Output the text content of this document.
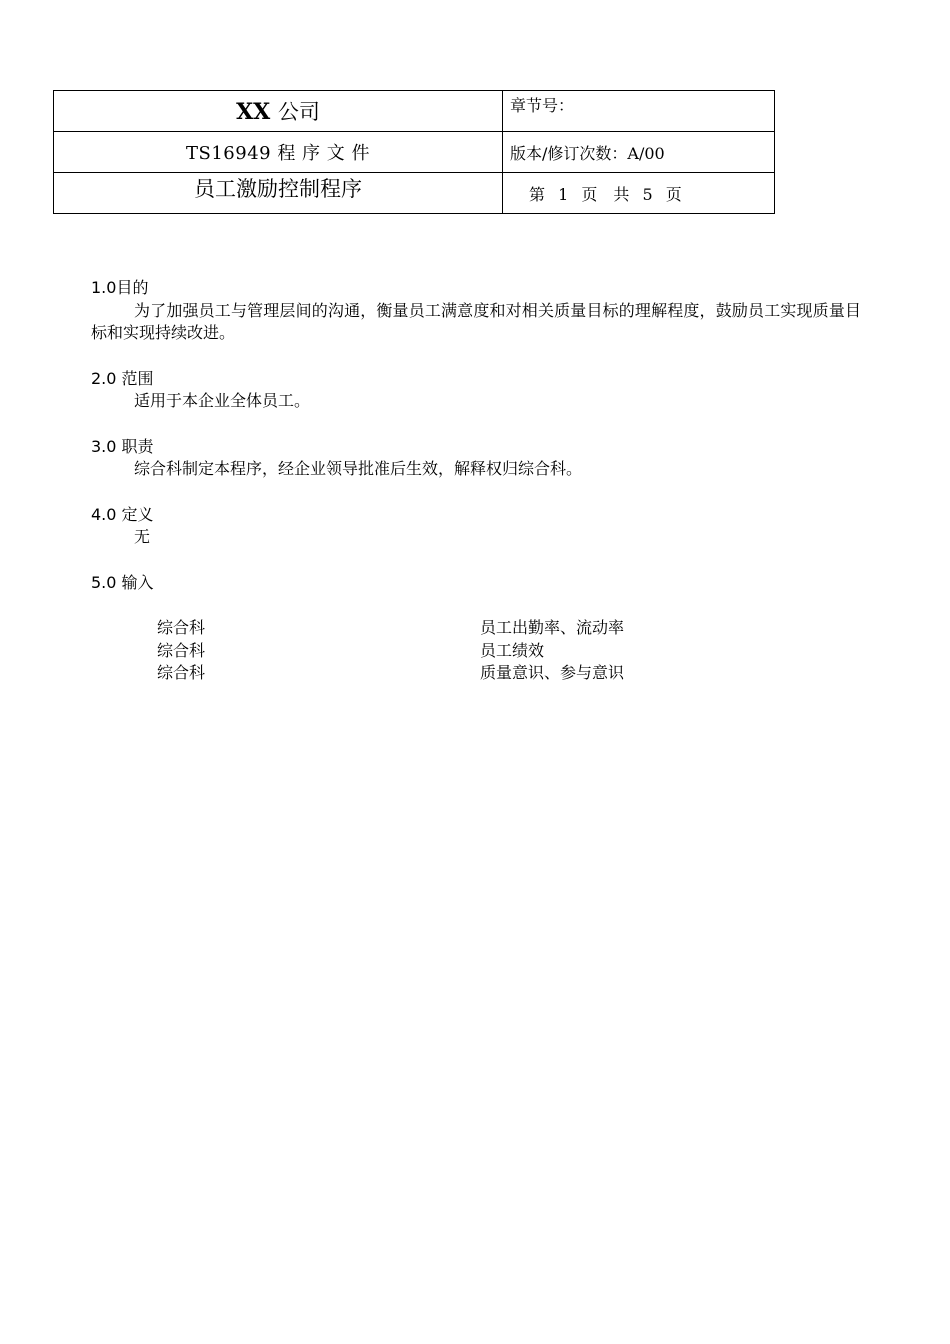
XX 公司	章节号：
TS16949 程 序 文 件	版本/修订次数：A/00
员工激励控制程序	第 1 页　共 5 页

1.0目的

为了加强员工与管理层间的沟通，衡量员工满意度和对相关质量目标的理解程度，鼓励员工实现质量目标和实现持续改进。

2.0 范围

适用于本企业全体员工。

3.0 职责

综合科制定本程序，经企业领导批准后生效，解释权归综合科。

4.0 定义

无

5.0 输入

综合科	员工出勤率、流动率
综合科	员工绩效
综合科	质量意识、参与意识
